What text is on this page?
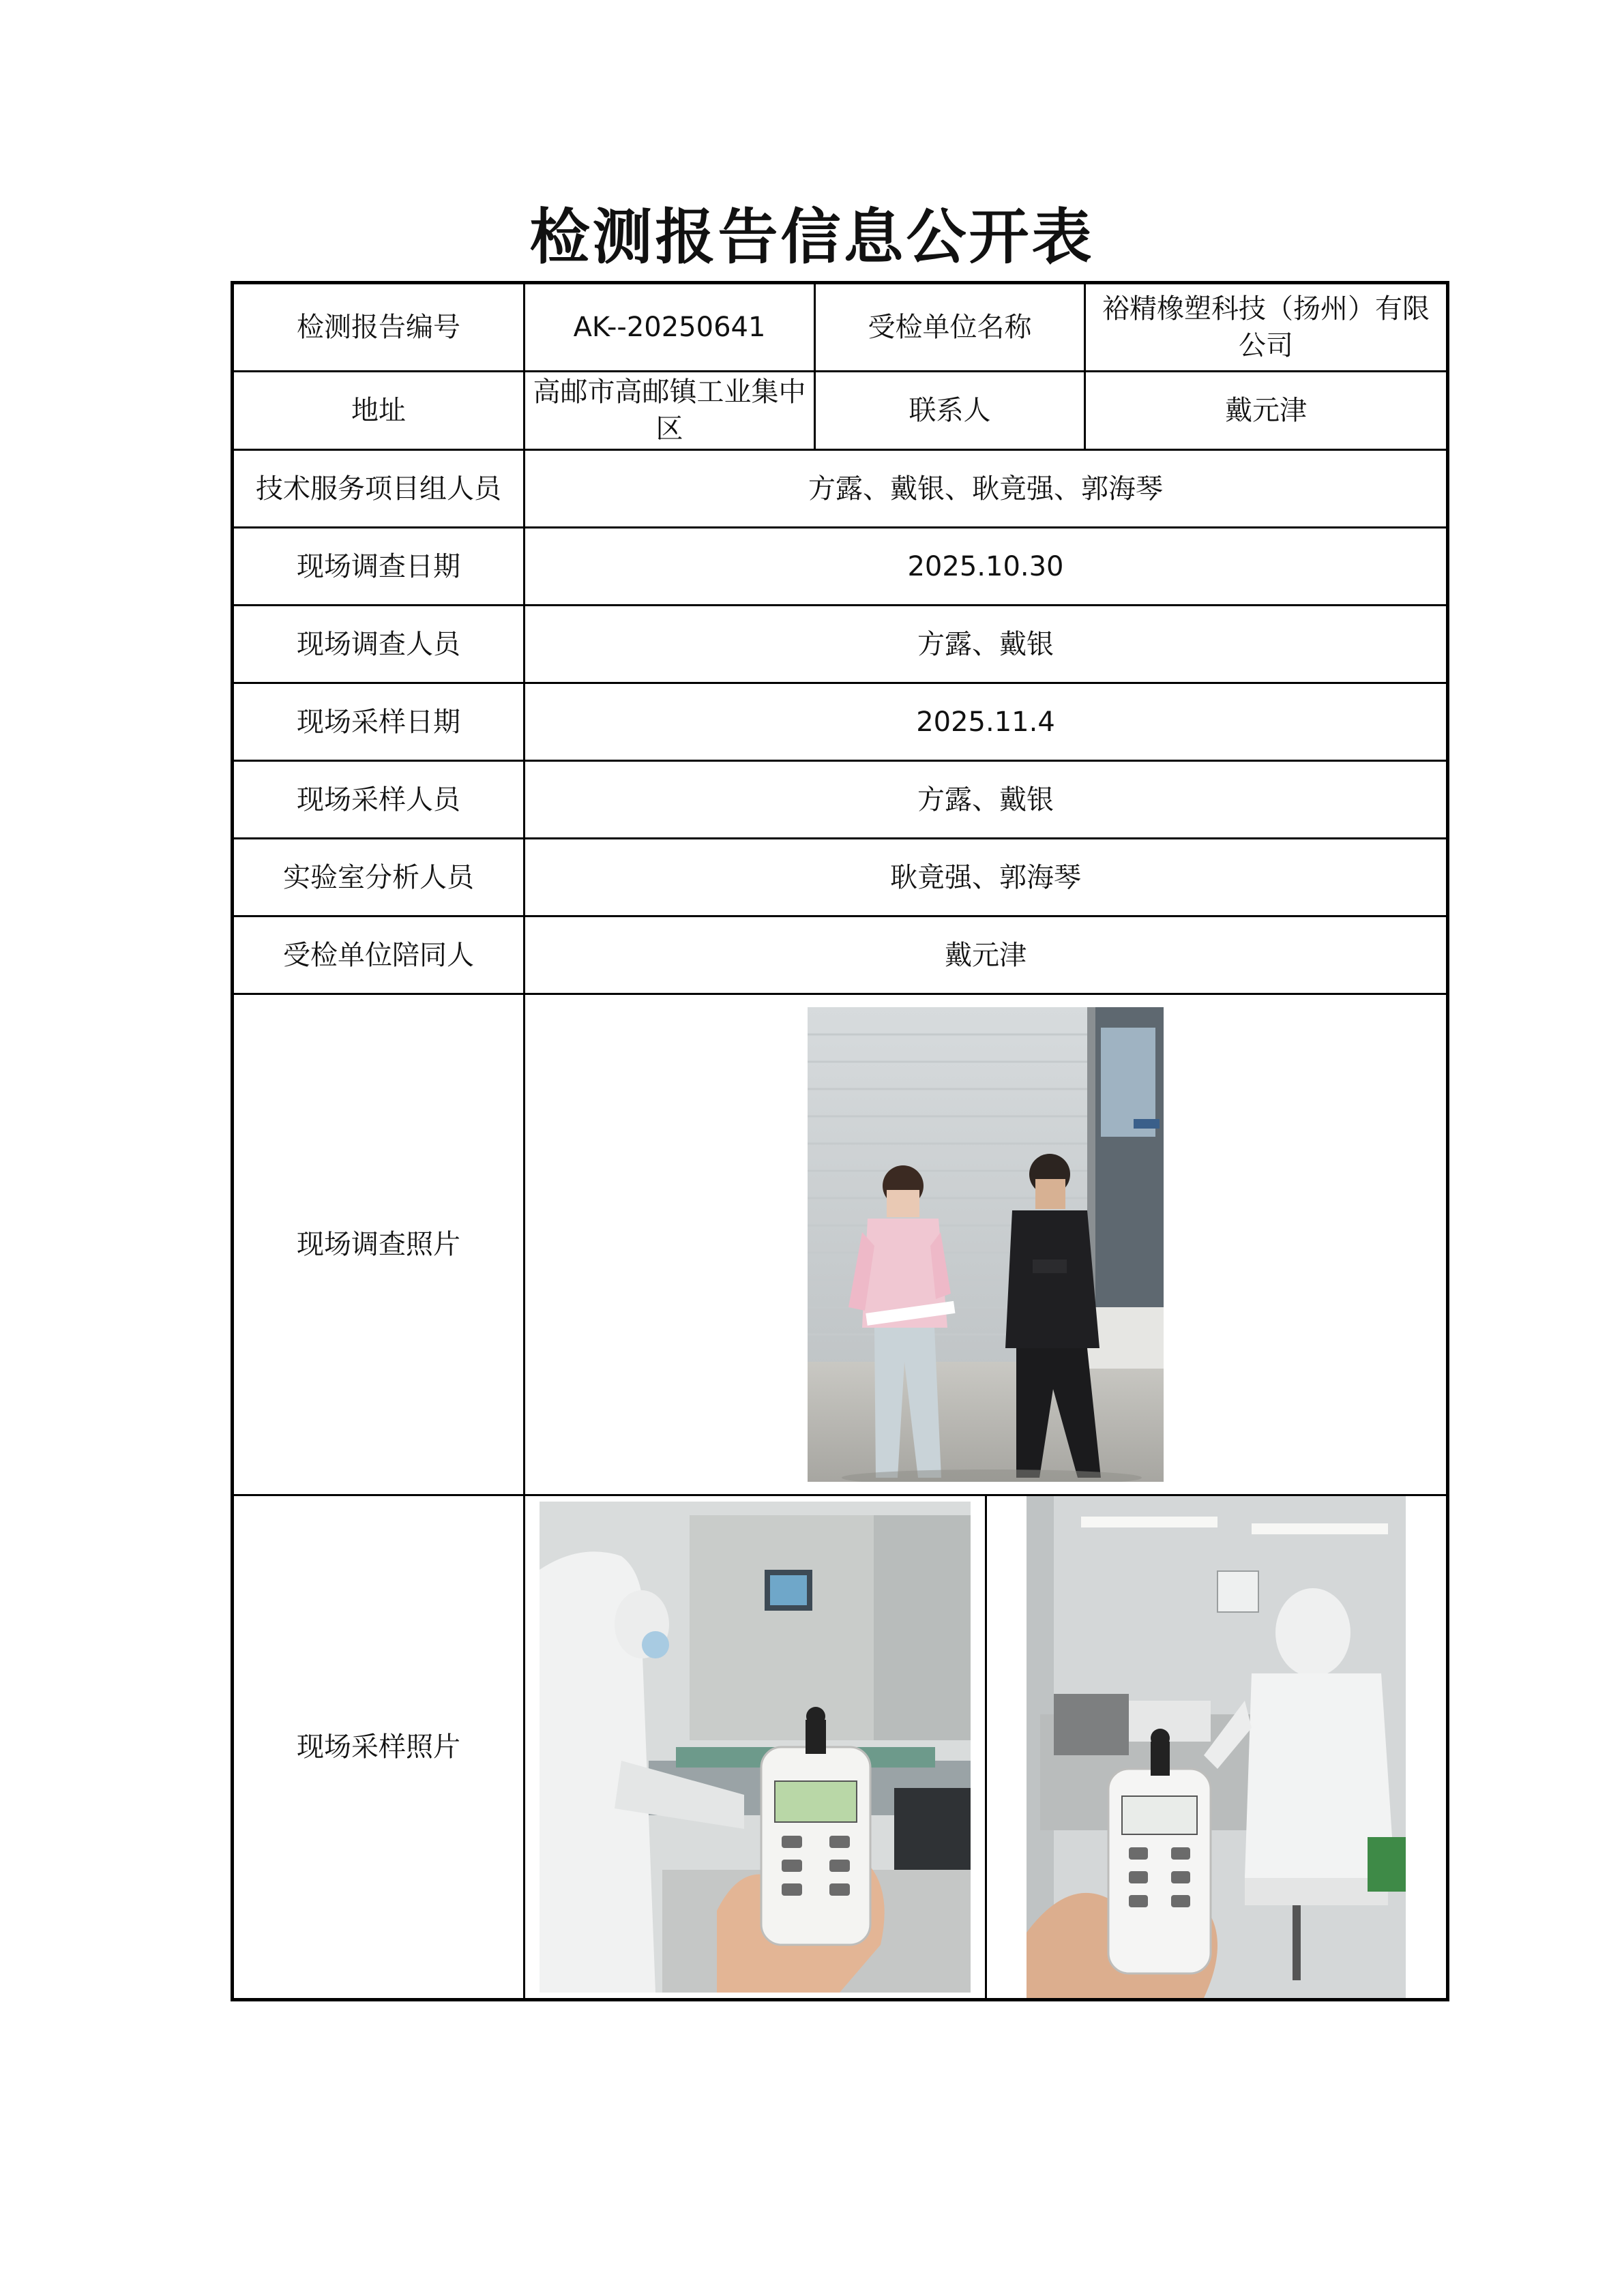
检测报告信息公开表
检测报告编号	AK--20250641	受检单位名称	裕精橡塑科技（扬州）有限公司
地址	高邮市高邮镇工业集中区	联系人	戴元津
技术服务项目组人员	方露、戴银、耿竟强、郭海琴		
现场调查日期	2025.10.30		
现场调查人员	方露、戴银		
现场采样日期	2025.11.4		
现场采样人员	方露、戴银		
实验室分析人员	耿竟强、郭海琴		
受检单位陪同人	戴元津		
现场调查照片	

现场采样照片	
